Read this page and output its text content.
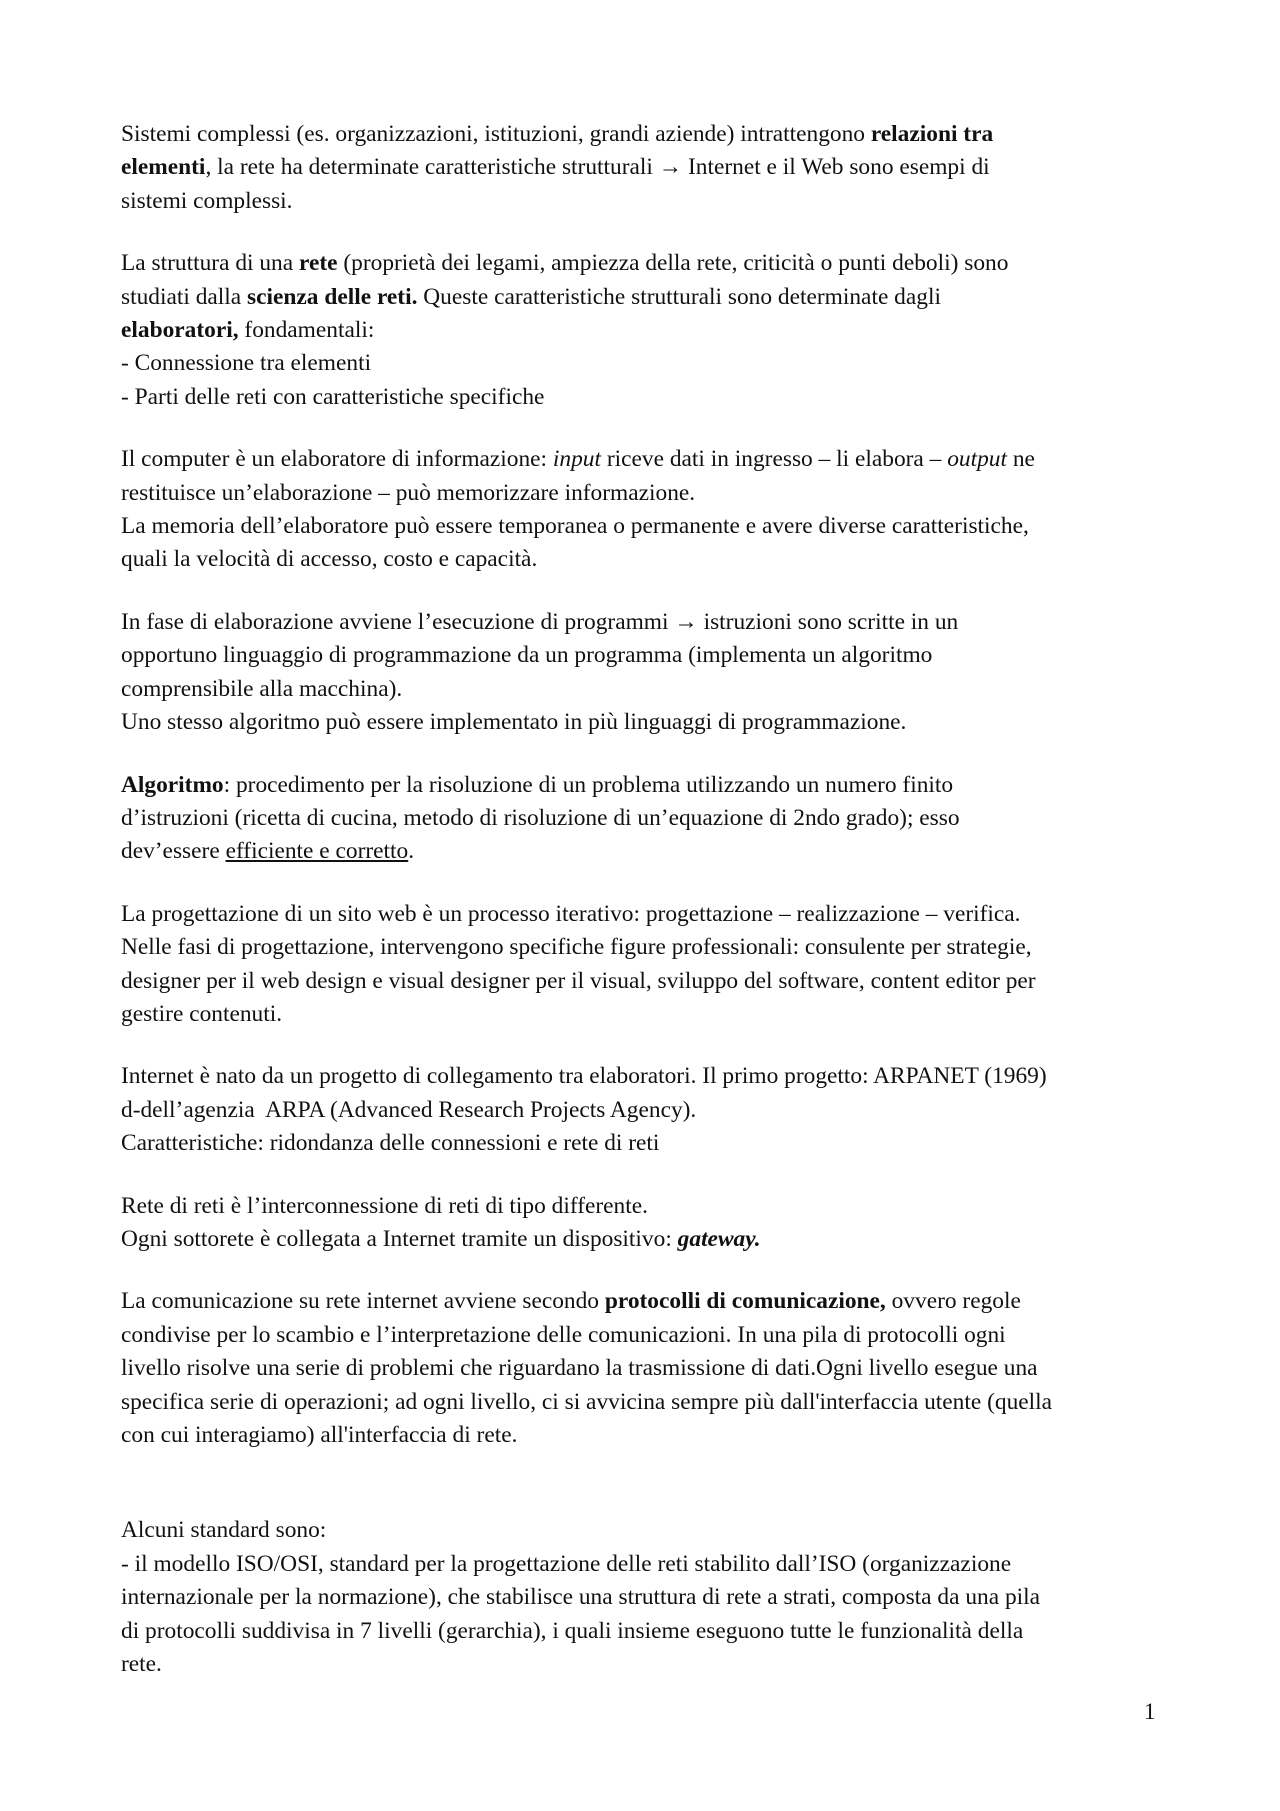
Sistemi complessi (es. organizzazioni, istituzioni, grandi aziende) intrattengono relazioni tra
elementi, la rete ha determinate caratteristiche strutturali → Internet e il Web sono esempi di
sistemi complessi.

La struttura di una rete (proprietà dei legami, ampiezza della rete, criticità o punti deboli) sono
studiati dalla scienza delle reti. Queste caratteristiche strutturali sono determinate dagli
elaboratori, fondamentali:
- Connessione tra elementi
- Parti delle reti con caratteristiche specifiche

Il computer è un elaboratore di informazione: input riceve dati in ingresso – li elabora – output ne
restituisce un’elaborazione – può memorizzare informazione.
La memoria dell’elaboratore può essere temporanea o permanente e avere diverse caratteristiche,
quali la velocità di accesso, costo e capacità.

In fase di elaborazione avviene l’esecuzione di programmi → istruzioni sono scritte in un
opportuno linguaggio di programmazione da un programma (implementa un algoritmo
comprensibile alla macchina).
Uno stesso algoritmo può essere implementato in più linguaggi di programmazione.

Algoritmo: procedimento per la risoluzione di un problema utilizzando un numero finito
d’istruzioni (ricetta di cucina, metodo di risoluzione di un’equazione di 2ndo grado); esso
dev’essere efficiente e corretto.

La progettazione di un sito web è un processo iterativo: progettazione – realizzazione – verifica.
Nelle fasi di progettazione, intervengono specifiche figure professionali: consulente per strategie,
designer per il web design e visual designer per il visual, sviluppo del software, content editor per
gestire contenuti.

Internet è nato da un progetto di collegamento tra elaboratori. Il primo progetto: ARPANET (1969)
d-dell’agenzia  ARPA (Advanced Research Projects Agency).
Caratteristiche: ridondanza delle connessioni e rete di reti

Rete di reti è l’interconnessione di reti di tipo differente.
Ogni sottorete è collegata a Internet tramite un dispositivo: gateway.

La comunicazione su rete internet avviene secondo protocolli di comunicazione, ovvero regole
condivise per lo scambio e l’interpretazione delle comunicazioni. In una pila di protocolli ogni
livello risolve una serie di problemi che riguardano la trasmissione di dati.Ogni livello esegue una
specifica serie di operazioni; ad ogni livello, ci si avvicina sempre più dall'interfaccia utente (quella
con cui interagiamo) all'interfaccia di rete.

Alcuni standard sono:
- il modello ISO/OSI, standard per la progettazione delle reti stabilito dall’ISO (organizzazione
internazionale per la normazione), che stabilisce una struttura di rete a strati, composta da una pila
di protocolli suddivisa in 7 livelli (gerarchia), i quali insieme eseguono tutte le funzionalità della
rete.

1
